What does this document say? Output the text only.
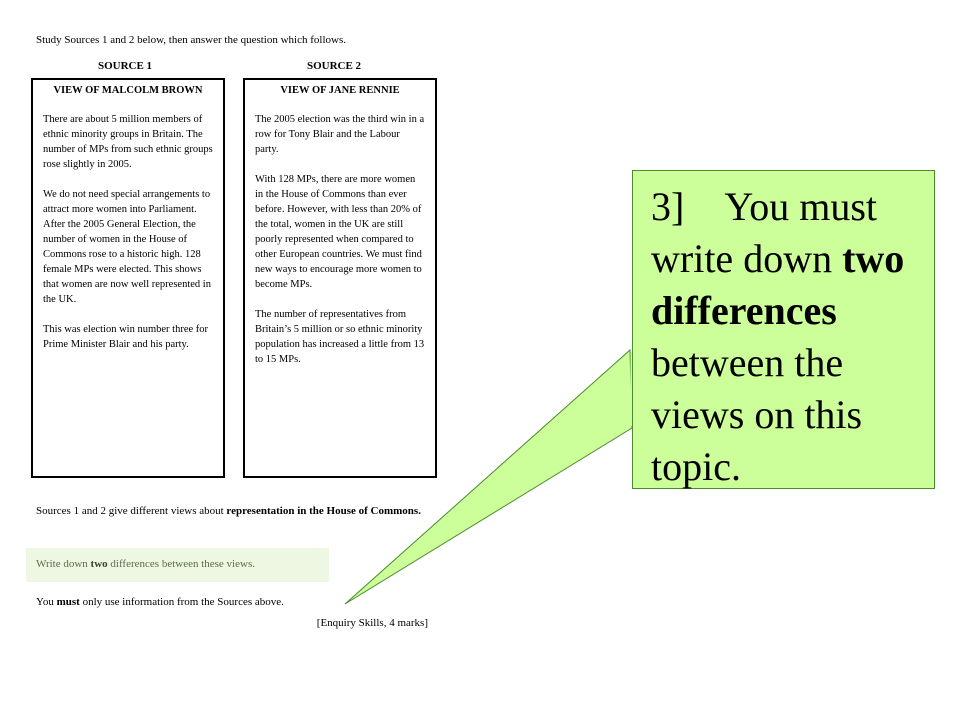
Study Sources 1 and 2 below, then answer the question which follows.
SOURCE 1	SOURCE 2
VIEW OF MALCOLM BROWN

There are about 5 million members of ethnic minority groups in Britain. The number of MPs from such ethnic groups rose slightly in 2005.

We do not need special arrangements to attract more women into Parliament. After the 2005 General Election, the number of women in the House of Commons rose to a historic high. 128 female MPs were elected. This shows that women are now well represented in the UK.

This was election win number three for Prime Minister Blair and his party.

VIEW OF JANE RENNIE

The 2005 election was the third win in a row for Tony Blair and the Labour party.

With 128 MPs, there are more women in the House of Commons than ever before. However, with less than 20% of the total, women in the UK are still poorly represented when compared to other European countries. We must find new ways to encourage more women to become MPs.

The number of representatives from Britain’s 5 million or so ethnic minority population has increased a little from 13 to 15 MPs.

Sources 1 and 2 give different views about representation in the House of Commons.
Write down two differences between these views.
You must only use information from the Sources above.
[Enquiry Skills, 4 marks]
3] You must write down two differences between the views on this topic.
